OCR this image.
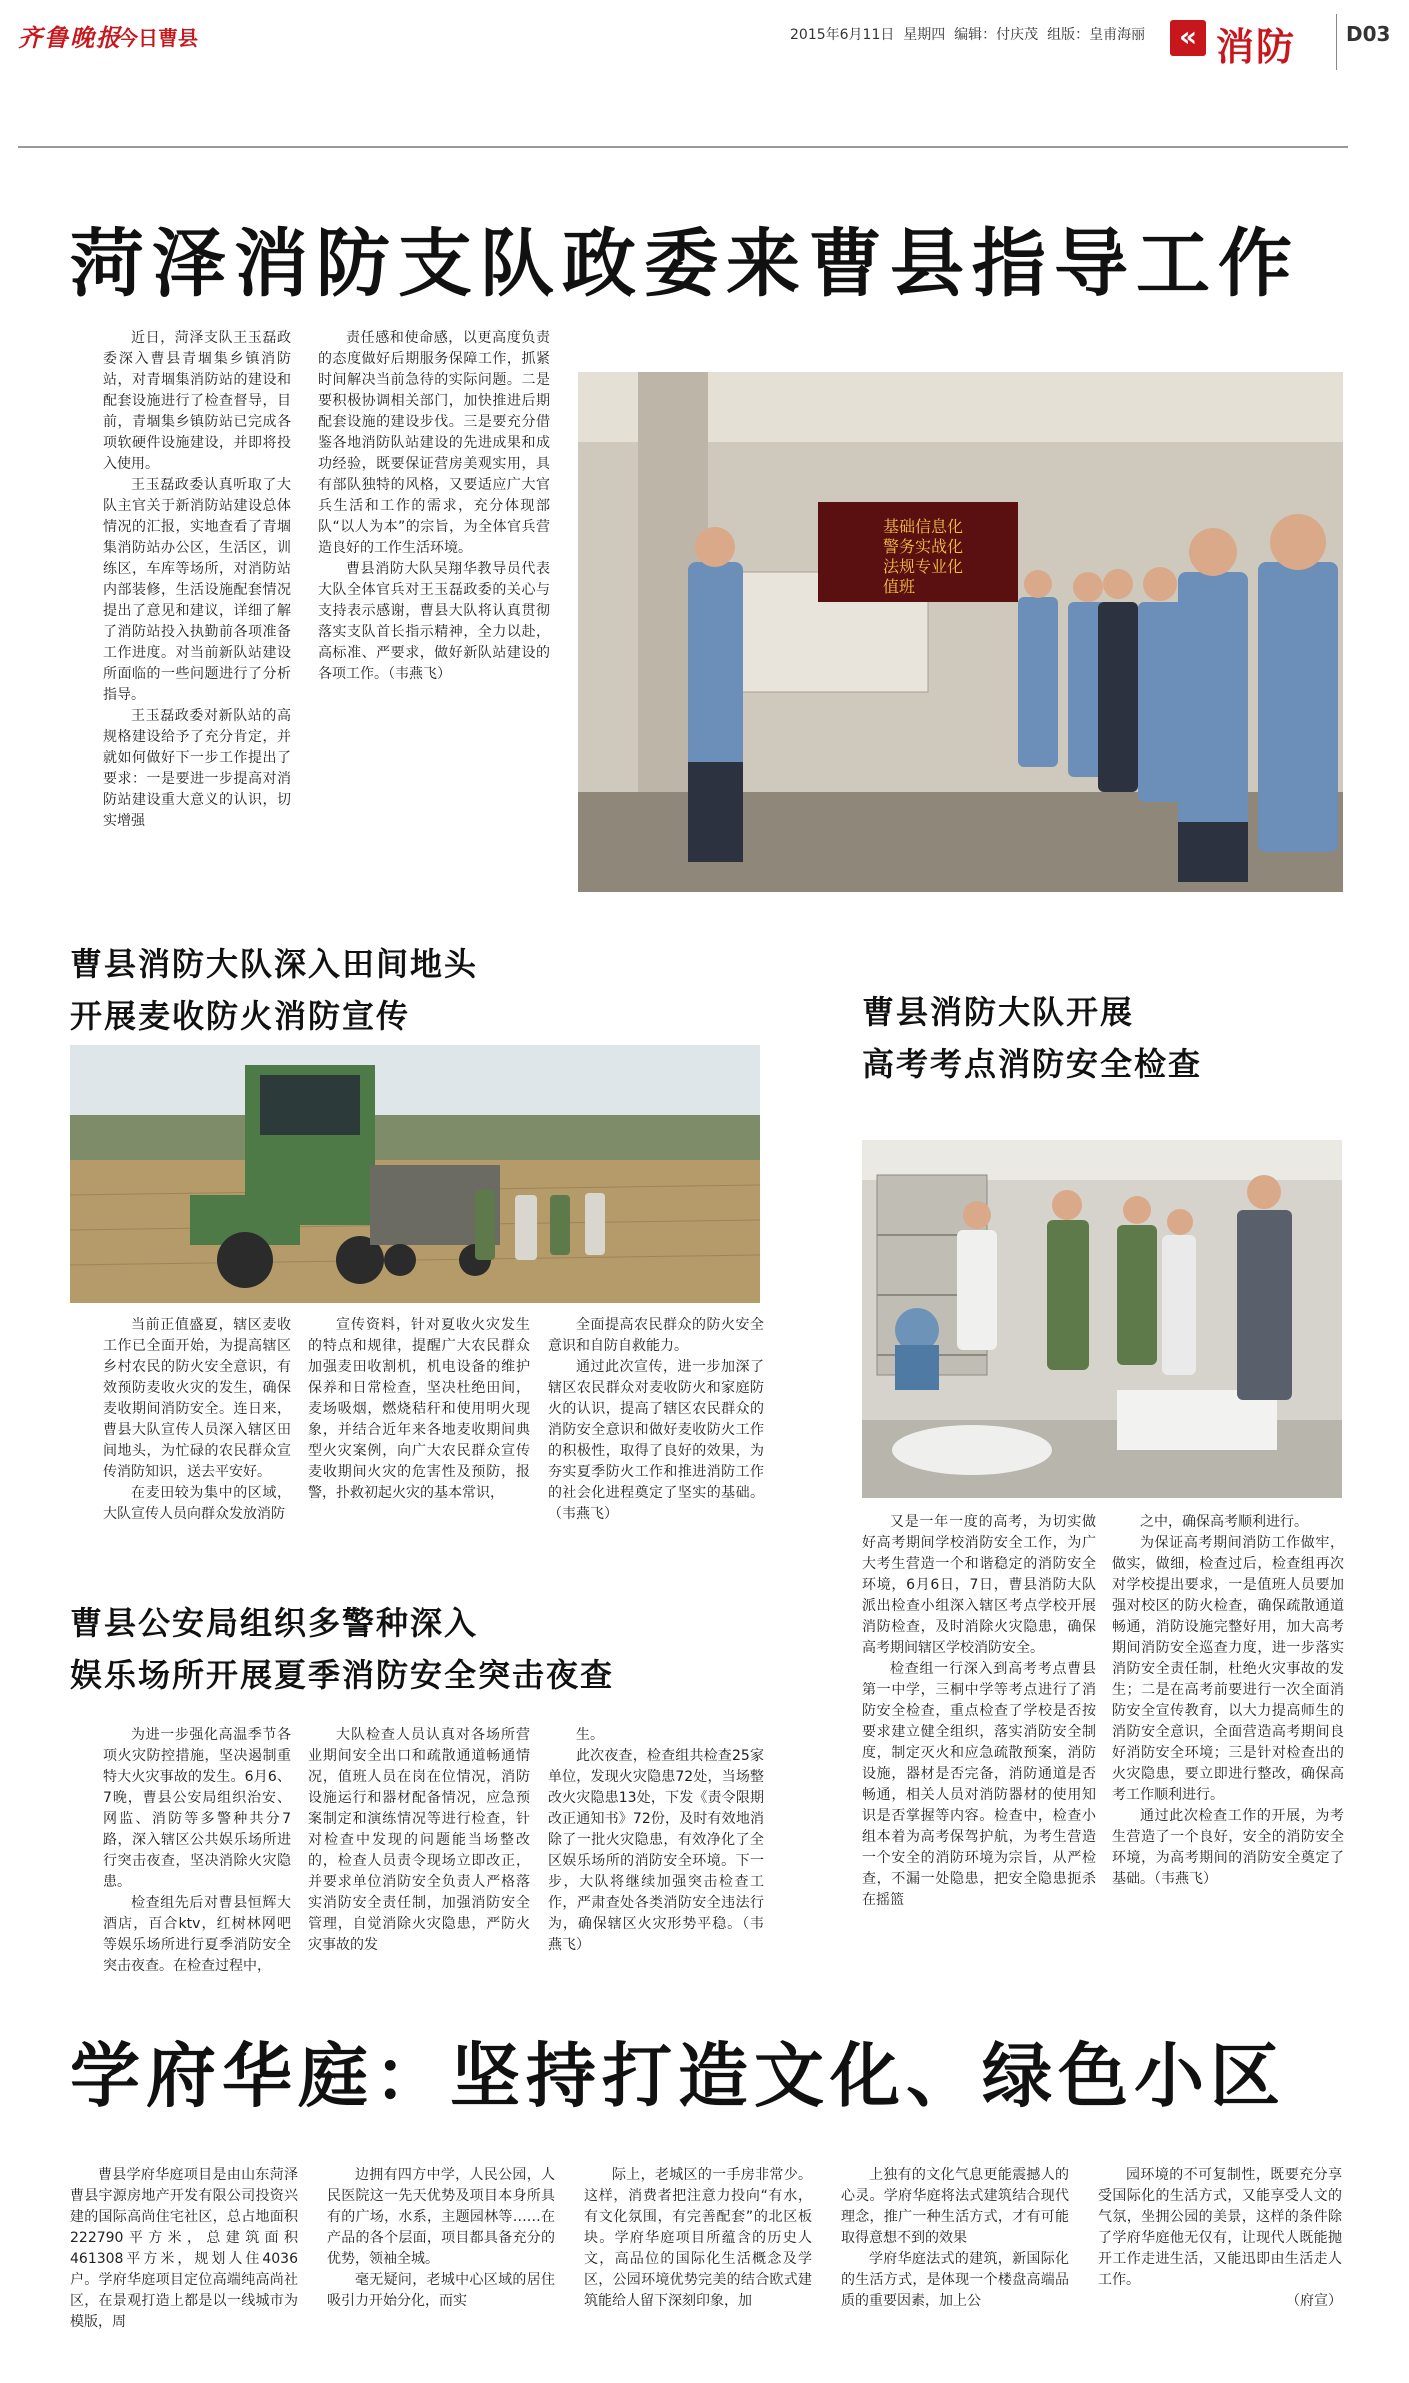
齐鲁晚报
今日曹县	2015年6月11日 星期四 编辑：付庆茂 组版：皇甫海丽	« 消防 D03
菏泽消防支队政委来曹县指导工作

近日，菏泽支队王玉磊政委深入曹县青堌集乡镇消防站，对青堌集消防站的建设和配套设施进行了检查督导，目前，青堌集乡镇防站已完成各项软硬件设施建设，并即将投入使用。

王玉磊政委认真听取了大队主官关于新消防站建设总体情况的汇报，实地查看了青堌集消防站办公区，生活区，训练区，车库等场所，对消防站内部装修，生活设施配套情况提出了意见和建议，详细了解了消防站投入执勤前各项准备工作进度。对当前新队站建设所面临的一些问题进行了分析指导。

王玉磊政委对新队站的高规格建设给予了充分肯定，并就如何做好下一步工作提出了要求：一是要进一步提高对消防站建设重大意义的认识，切实增强

责任感和使命感，以更高度负责的态度做好后期服务保障工作，抓紧时间解决当前急待的实际问题。二是要积极协调相关部门，加快推进后期配套设施的建设步伐。三是要充分借鉴各地消防队站建设的先进成果和成功经验，既要保证营房美观实用，具有部队独特的风格，又要适应广大官兵生活和工作的需求，充分体现部队“以人为本”的宗旨，为全体官兵营造良好的工作生活环境。

曹县消防大队吴翔华教导员代表大队全体官兵对王玉磊政委的关心与支持表示感谢，曹县大队将认真贯彻落实支队首长指示精神，全力以赴，高标准、严要求，做好新队站建设的各项工作。（韦燕飞）

基础信息化
警务实战化
法规专业化
值班
曹县消防大队深入田间地头
开展麦收防火消防宣传

当前正值盛夏，辖区麦收工作已全面开始，为提高辖区乡村农民的防火安全意识，有效预防麦收火灾的发生，确保麦收期间消防安全。连日来，曹县大队宣传人员深入辖区田间地头，为忙碌的农民群众宣传消防知识，送去平安好。

在麦田较为集中的区域，大队宣传人员向群众发放消防

宣传资料，针对夏收火灾发生的特点和规律，提醒广大农民群众加强麦田收割机，机电设备的维护保养和日常检查，坚决杜绝田间，麦场吸烟，燃烧秸秆和使用明火现象，并结合近年来各地麦收期间典型火灾案例，向广大农民群众宣传麦收期间火灾的危害性及预防，报警，扑救初起火灾的基本常识，

全面提高农民群众的防火安全意识和自防自救能力。

通过此次宣传，进一步加深了辖区农民群众对麦收防火和家庭防火的认识，提高了辖区农民群众的消防安全意识和做好麦收防火工作的积极性，取得了良好的效果，为夯实夏季防火工作和推进消防工作的社会化进程奠定了坚实的基础。（韦燕飞）

曹县公安局组织多警种深入
娱乐场所开展夏季消防安全突击夜查

为进一步强化高温季节各项火灾防控措施，坚决遏制重特大火灾事故的发生。6月6、7晚，曹县公安局组织治安、网监、消防等多警种共分7路，深入辖区公共娱乐场所进行突击夜查，坚决消除火灾隐患。

检查组先后对曹县恒辉大酒店，百合ktv，红树林网吧等娱乐场所进行夏季消防安全突击夜查。在检查过程中，

大队检查人员认真对各场所营业期间安全出口和疏散通道畅通情况，值班人员在岗在位情况，消防设施运行和器材配备情况，应急预案制定和演练情况等进行检查，针对检查中发现的问题能当场整改的，检查人员责令现场立即改正，并要求单位消防安全负责人严格落实消防安全责任制，加强消防安全管理，自觉消除火灾隐患，严防火灾事故的发

生。

此次夜查，检查组共检查25家单位，发现火灾隐患72处，当场整改火灾隐患13处，下发《责令限期改正通知书》72份，及时有效地消除了一批火灾隐患，有效净化了全区娱乐场所的消防安全环境。下一步，大队将继续加强突击检查工作，严肃查处各类消防安全违法行为，确保辖区火灾形势平稳。（韦燕飞）

曹县消防大队开展
高考考点消防安全检查

又是一年一度的高考，为切实做好高考期间学校消防安全工作，为广大考生营造一个和谐稳定的消防安全环境，6月6日，7日，曹县消防大队派出检查小组深入辖区考点学校开展消防检查，及时消除火灾隐患，确保高考期间辖区学校消防安全。

检查组一行深入到高考考点曹县第一中学，三桐中学等考点进行了消防安全检查，重点检查了学校是否按要求建立健全组织，落实消防安全制度，制定灭火和应急疏散预案，消防设施，器材是否完备，消防通道是否畅通，相关人员对消防器材的使用知识是否掌握等内容。检查中，检查小组本着为高考保驾护航，为考生营造一个安全的消防环境为宗旨，从严检查，不漏一处隐患，把安全隐患扼杀在摇篮

之中，确保高考顺利进行。

为保证高考期间消防工作做牢，做实，做细，检查过后，检查组再次对学校提出要求，一是值班人员要加强对校区的防火检查，确保疏散通道畅通，消防设施完整好用，加大高考期间消防安全巡查力度，进一步落实消防安全责任制，杜绝火灾事故的发生；二是在高考前要进行一次全面消防安全宣传教育，以大力提高师生的消防安全意识，全面营造高考期间良好消防安全环境；三是针对检查出的火灾隐患，要立即进行整改，确保高考工作顺利进行。

通过此次检查工作的开展，为考生营造了一个良好，安全的消防安全环境，为高考期间的消防安全奠定了基础。（韦燕飞）

学府华庭：坚持打造文化、绿色小区

曹县学府华庭项目是由山东菏泽曹县宇源房地产开发有限公司投资兴建的国际高尚住宅社区，总占地面积222790平方米，总建筑面积461308平方米，规划人住4036户。学府华庭项目定位高端纯高尚社区，在景观打造上都是以一线城市为模版，周

边拥有四方中学，人民公园，人民医院这一先天优势及项目本身所具有的广场，水系，主题园林等……在产品的各个层面，项目都具备充分的优势，领袖全城。

毫无疑问，老城中心区域的居住吸引力开始分化，而实

际上，老城区的一手房非常少。这样，消费者把注意力投向“有水，有文化氛围，有完善配套”的北区板块。学府华庭项目所蕴含的历史人文，高品位的国际化生活概念及学区，公园环境优势完美的结合欧式建筑能给人留下深刻印象，加

上独有的文化气息更能震撼人的心灵。学府华庭将法式建筑结合现代理念，推广一种生活方式，才有可能取得意想不到的效果

学府华庭法式的建筑，新国际化的生活方式，是体现一个楼盘高端品质的重要因素，加上公

园环境的不可复制性，既要充分享受国际化的生活方式，又能享受人文的气氛，坐拥公园的美景，这样的条件除了学府华庭他无仅有，让现代人既能抛开工作走进生活，又能迅即由生活走人工作。

（府宣）
